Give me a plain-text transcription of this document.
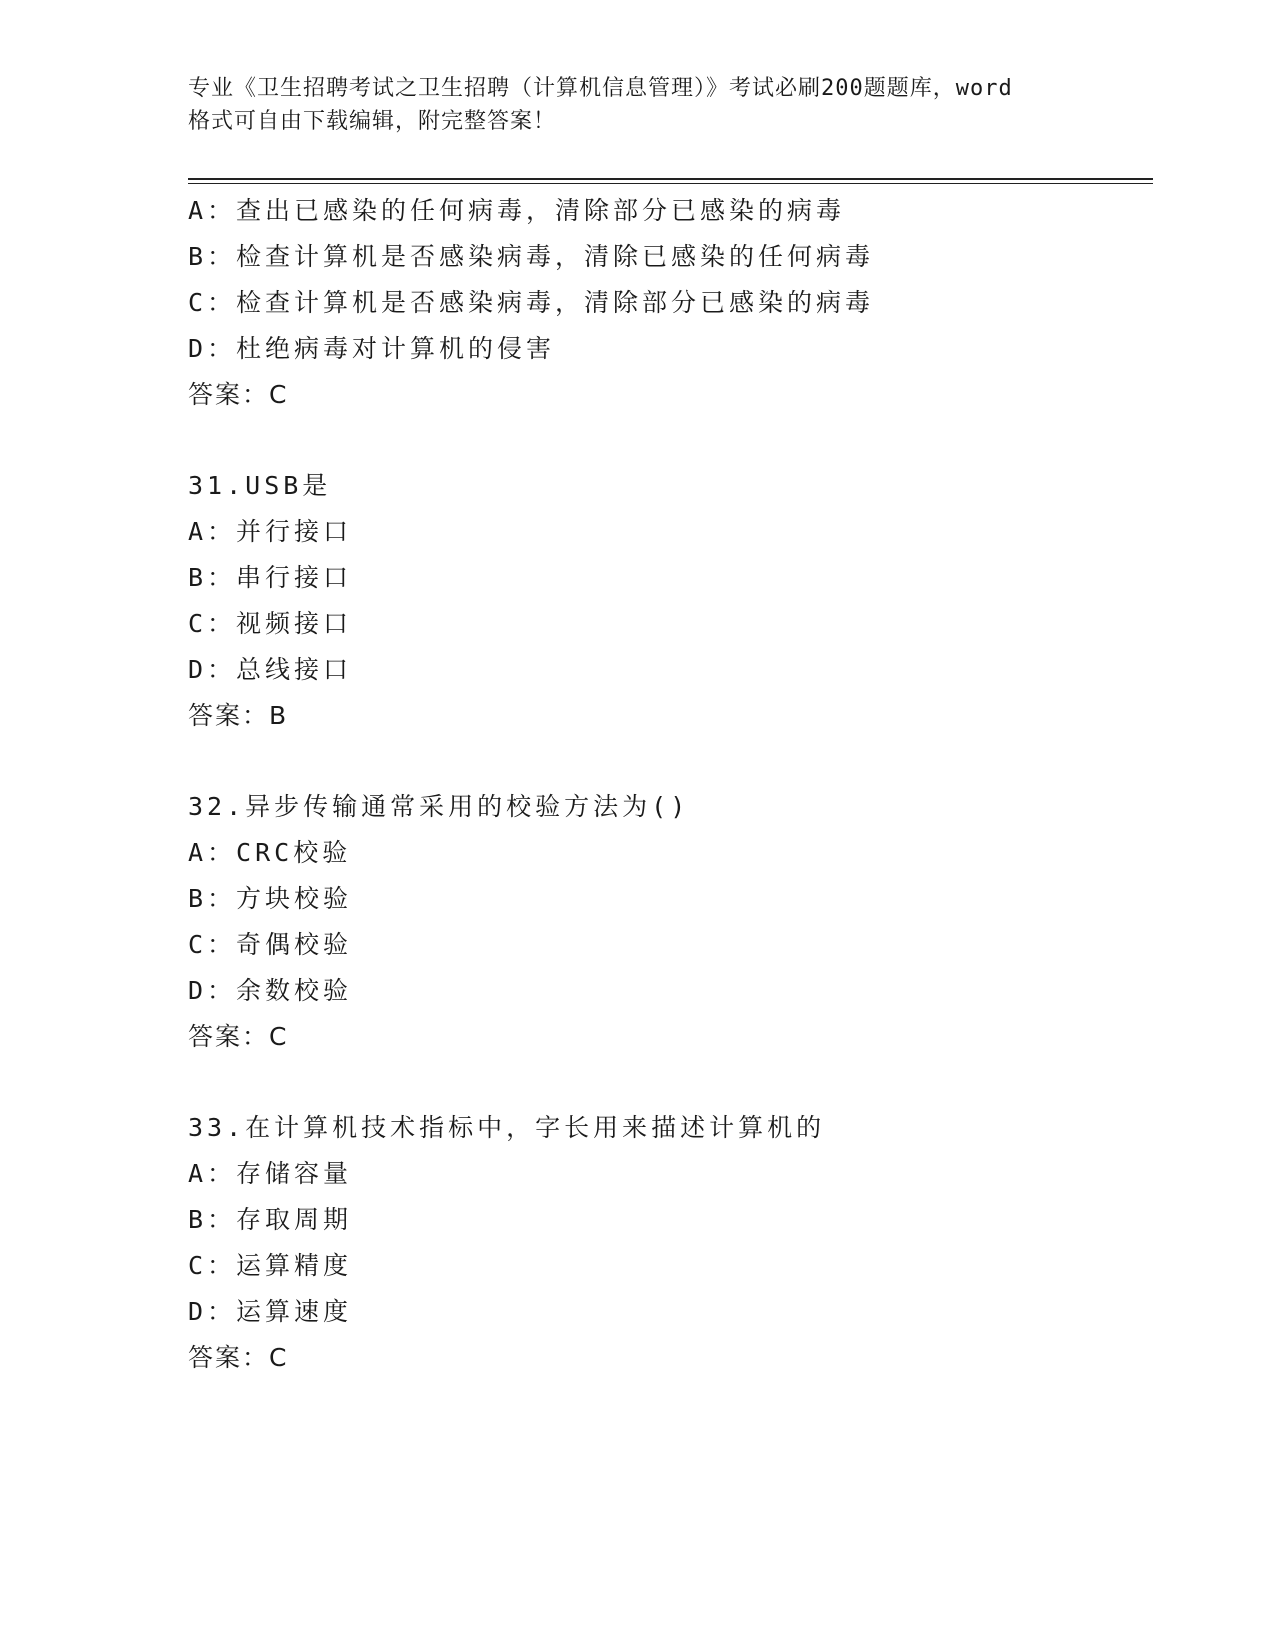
专业《卫生招聘考试之卫生招聘（计算机信息管理）》考试必刷200题题库，word
格式可自由下载编辑，附完整答案！
A：查出已感染的任何病毒，清除部分已感染的病毒
B：检查计算机是否感染病毒，清除已感染的任何病毒
C：检查计算机是否感染病毒，清除部分已感染的病毒
D：杜绝病毒对计算机的侵害
答案：C
31.USB是
A：并行接口
B：串行接口
C：视频接口
D：总线接口
答案：B
32.异步传输通常采用的校验方法为()
A：CRC校验
B：方块校验
C：奇偶校验
D：余数校验
答案：C
33.在计算机技术指标中，字长用来描述计算机的
A：存储容量
B：存取周期
C：运算精度
D：运算速度
答案：C
